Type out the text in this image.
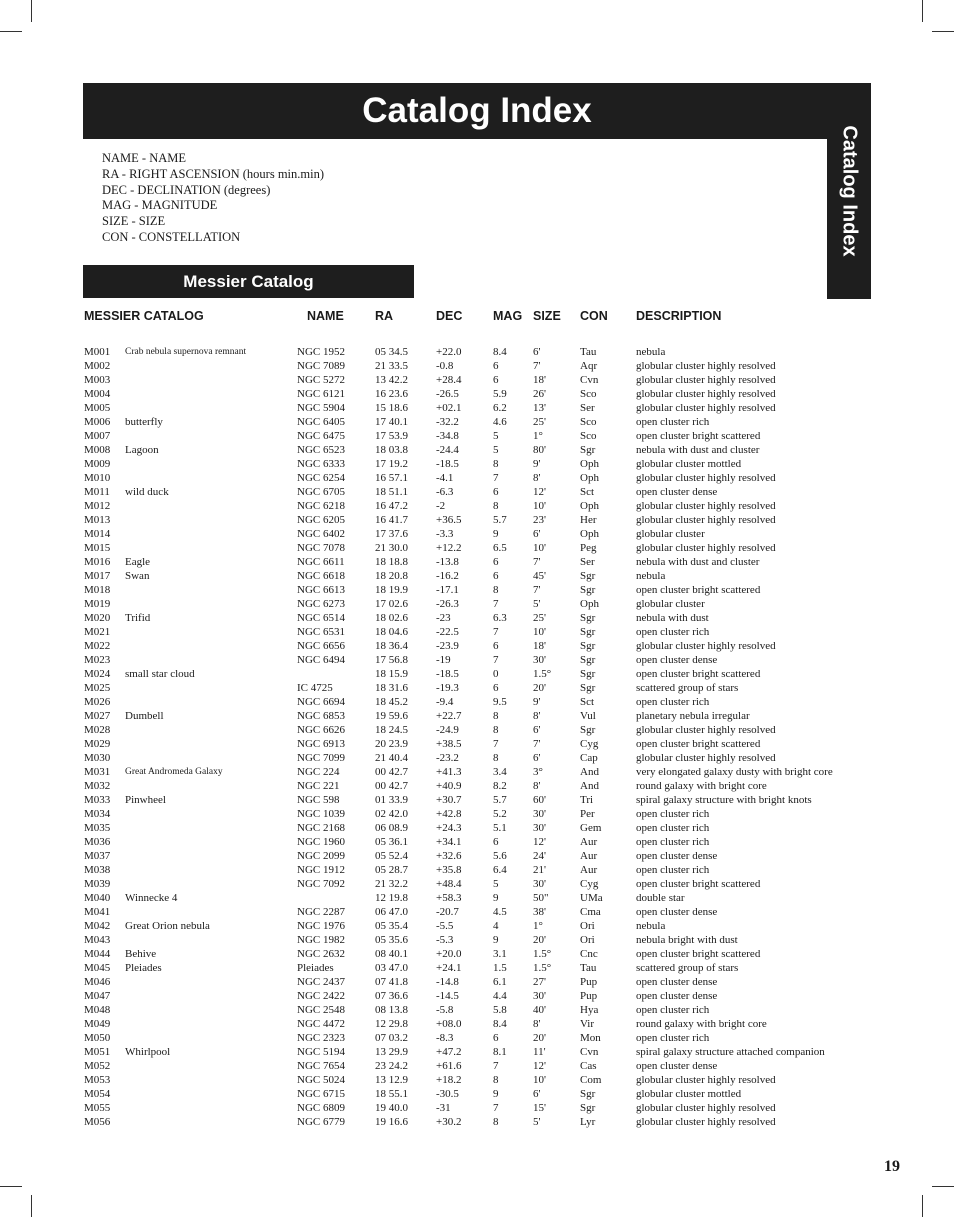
Catalog Index
Catalog Index
NAME - NAME
RA - RIGHT ASCENSION (hours min.min)
DEC - DECLINATION (degrees)
MAG - MAGNITUDE
SIZE - SIZE
CON - CONSTELLATION
Messier Catalog
MESSIER CATALOG	NAME RA	DEC MAG SIZE CON DESCRIPTION
M001 Crab nebula supernova remnant	NGC 1952	05 34.5	+22.0	8.4 6'	Tau	nebula
M002	NGC 7089	21 33.5	-0.8	6	7'	Aqr	globular cluster highly resolved
M003	NGC 5272	13 42.2	+28.4	6	18'	Cvn	globular cluster highly resolved
M004	NGC 6121	16 23.6	-26.5	5.9 26'	Sco	globular cluster highly resolved
M005	NGC 5904	15 18.6	+02.1	6.2 13'	Ser	globular cluster highly resolved
M006 butterfly	NGC 6405	17 40.1	-32.2	4.6 25'	Sco	open cluster rich
M007	NGC 6475	17 53.9	-34.8	5	1°	Sco	open cluster bright scattered
M008 Lagoon	NGC 6523	18 03.8	-24.4	5	80'	Sgr	nebula with dust and cluster
M009	NGC 6333	17 19.2	-18.5	8	9'	Oph	globular cluster mottled
M010	NGC 6254	16 57.1	-4.1	7	8'	Oph	globular cluster highly resolved
M011 wild duck	NGC 6705	18 51.1	-6.3	6	12'	Sct	open cluster dense
M012	NGC 6218	16 47.2	-2	8	10'	Oph	globular cluster highly resolved
M013	NGC 6205	16 41.7	+36.5	5.7 23'	Her	globular cluster highly resolved
M014	NGC 6402	17 37.6	-3.3	9	6'	Oph	globular cluster
M015	NGC 7078	21 30.0	+12.2	6.5 10'	Peg	globular cluster highly resolved
M016 Eagle	NGC 6611	18 18.8	-13.8	6	7'	Ser	nebula with dust and cluster
M017 Swan	NGC 6618	18 20.8	-16.2	6	45'	Sgr	nebula
M018	NGC 6613	18 19.9	-17.1	8	7'	Sgr	open cluster bright scattered
M019	NGC 6273	17 02.6	-26.3	7	5'	Oph	globular cluster
M020 Trifid	NGC 6514	18 02.6	-23	6.3 25'	Sgr	nebula with dust
M021	NGC 6531	18 04.6	-22.5	7	10'	Sgr	open cluster rich
M022	NGC 6656	18 36.4	-23.9	6	18'	Sgr	globular cluster highly resolved
M023	NGC 6494	17 56.8	-19	7	30'	Sgr	open cluster dense
M024 small star cloud	18 15.9	-18.5	0	1.5°	Sgr	open cluster bright scattered
M025	IC 4725	18 31.6	-19.3	6	20'	Sgr	scattered group of stars
M026	NGC 6694	18 45.2	-9.4	9.5 9'	Sct	open cluster rich
M027 Dumbell	NGC 6853	19 59.6	+22.7	8	8'	Vul	planetary nebula irregular
M028	NGC 6626	18 24.5	-24.9	8	6'	Sgr	globular cluster highly resolved
M029	NGC 6913	20 23.9	+38.5	7	7'	Cyg	open cluster bright scattered
M030	NGC 7099	21 40.4	-23.2	8	6'	Cap	globular cluster highly resolved
M031 Great Andromeda Galaxy	NGC 224	00 42.7	+41.3	3.4 3°	And	very elongated galaxy dusty with bright core
M032	NGC 221	00 42.7	+40.9	8.2 8'	And	round galaxy with bright core
M033 Pinwheel	NGC 598	01 33.9	+30.7	5.7 60'	Tri	spiral galaxy structure with bright knots
M034	NGC 1039	02 42.0	+42.8	5.2 30'	Per	open cluster rich
M035	NGC 2168	06 08.9	+24.3	5.1 30'	Gem	open cluster rich
M036	NGC 1960	05 36.1	+34.1	6	12'	Aur	open cluster rich
M037	NGC 2099	05 52.4	+32.6	5.6 24'	Aur	open cluster dense
M038	NGC 1912	05 28.7	+35.8	6.4 21'	Aur	open cluster rich
M039	NGC 7092	21 32.2	+48.4	5	30'	Cyg	open cluster bright scattered
M040 Winnecke 4	12 19.8	+58.3	9	50"	UMa	double star
M041	NGC 2287	06 47.0	-20.7	4.5 38'	Cma	open cluster dense
M042 Great Orion nebula	NGC 1976	05 35.4	-5.5	4	1°	Ori	nebula
M043	NGC 1982	05 35.6	-5.3	9	20'	Ori	nebula bright with dust
M044 Behive	NGC 2632	08 40.1	+20.0	3.1 1.5°	Cnc	open cluster bright scattered
M045 Pleiades	Pleiades	03 47.0	+24.1	1.5 1.5°	Tau	scattered group of stars
M046	NGC 2437	07 41.8	-14.8	6.1 27'	Pup	open cluster dense
M047	NGC 2422	07 36.6	-14.5	4.4 30'	Pup	open cluster dense
M048	NGC 2548	08 13.8	-5.8	5.8 40'	Hya	open cluster rich
M049	NGC 4472	12 29.8	+08.0	8.4 8'	Vir	round galaxy with bright core
M050	NGC 2323	07 03.2	-8.3	6	20'	Mon	open cluster rich
M051 Whirlpool	NGC 5194	13 29.9	+47.2	8.1 11'	Cvn	spiral galaxy structure attached companion
M052	NGC 7654	23 24.2	+61.6	7	12'	Cas	open cluster dense
M053	NGC 5024	13 12.9	+18.2	8	10'	Com	globular cluster highly resolved
M054	NGC 6715	18 55.1	-30.5	9	6'	Sgr	globular cluster mottled
M055	NGC 6809	19 40.0	-31	7	15'	Sgr	globular cluster highly resolved
M056	NGC 6779	19 16.6	+30.2	8	5'	Lyr	globular cluster highly resolved
19
